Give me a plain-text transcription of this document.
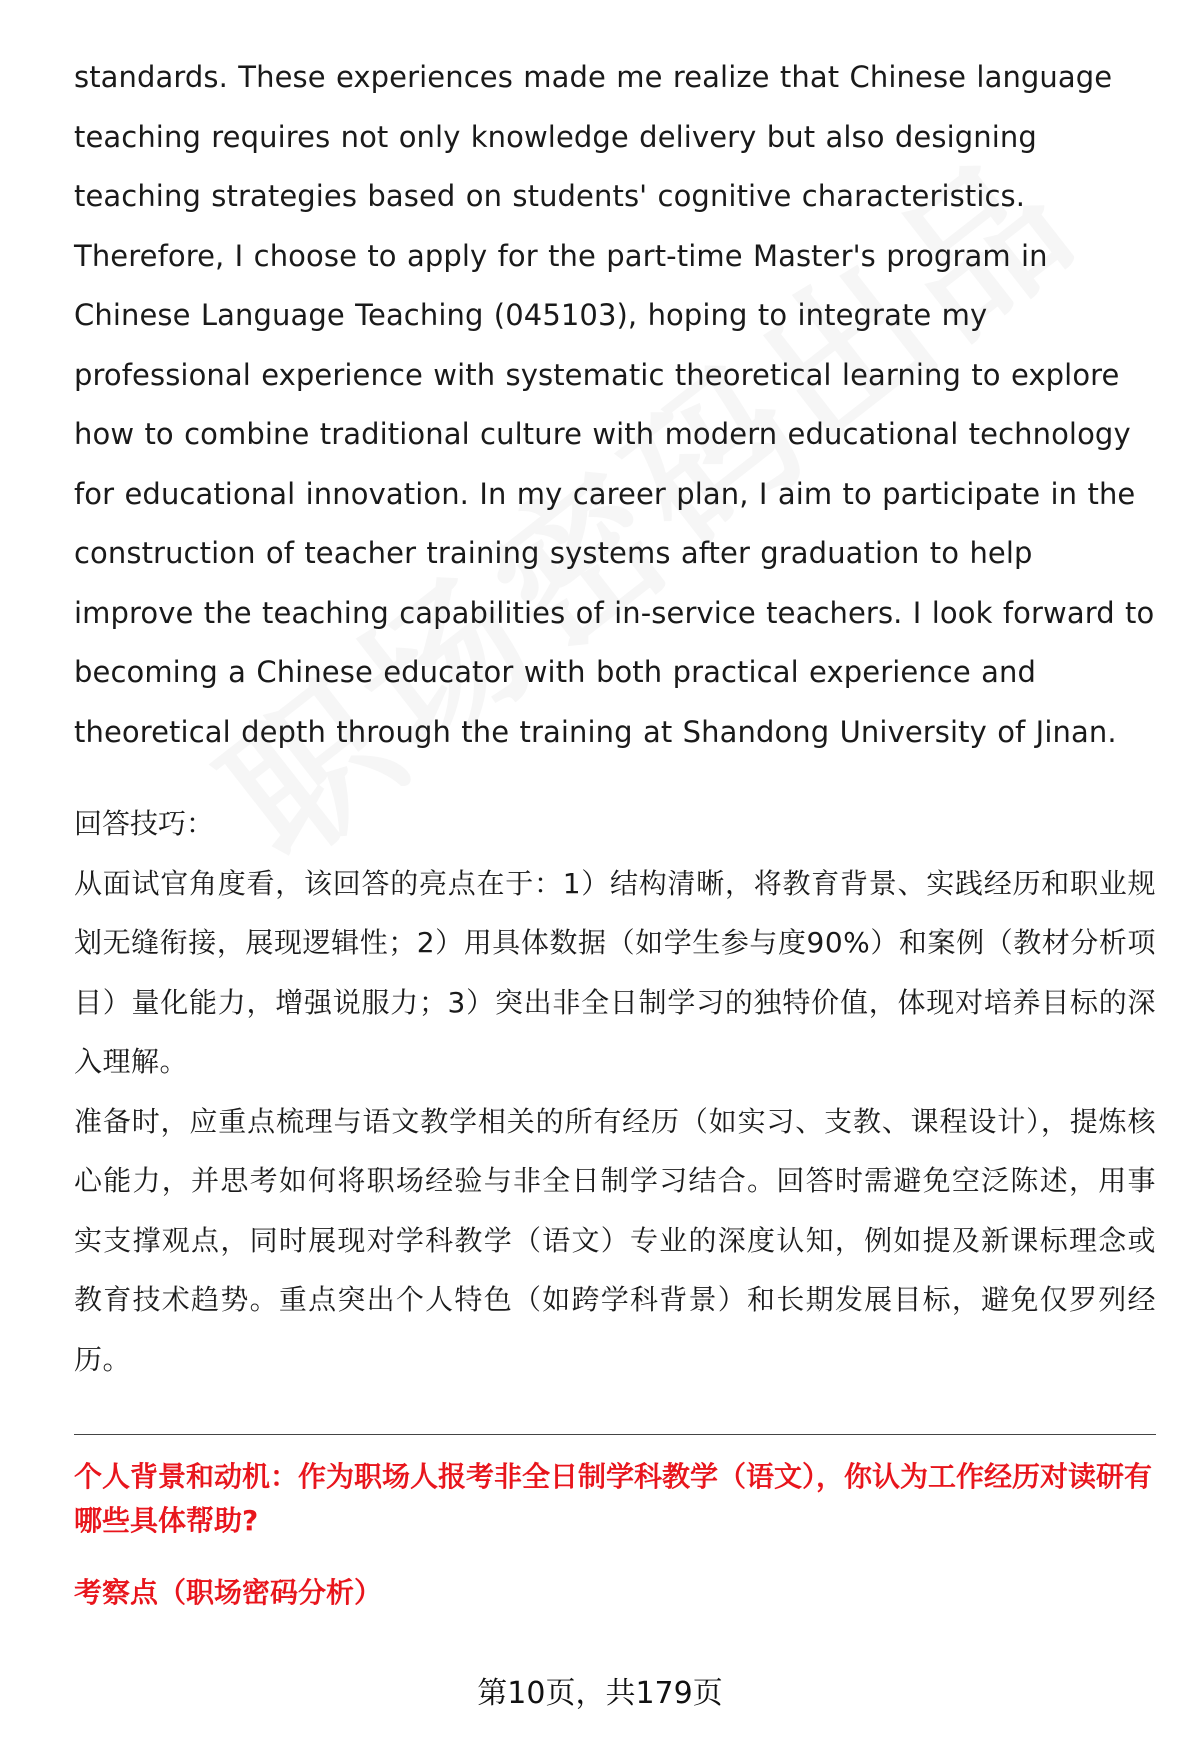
standards. These experiences made me realize that Chinese language teaching requires not only knowledge delivery but also designing teaching strategies based on students' cognitive characteristics. Therefore, I choose to apply for the part-time Master's program in Chinese Language Teaching (045103), hoping to integrate my professional experience with systematic theoretical learning to explore how to combine traditional culture with modern educational technology for educational innovation. In my career plan, I aim to participate in the construction of teacher training systems after graduation to help improve the teaching capabilities of in-service teachers. I look forward to becoming a Chinese educator with both practical experience and theoretical depth through the training at Shandong University of Jinan.

回答技巧：

从面试官角度看，该回答的亮点在于：1）结构清晰，将教育背景、实践经历和职业规划无缝衔接，展现逻辑性；2）用具体数据（如学生参与度90%）和案例（教材分析项目）量化能力，增强说服力；3）突出非全日制学习的独特价值，体现对培养目标的深入理解。

准备时，应重点梳理与语文教学相关的所有经历（如实习、支教、课程设计），提炼核心能力，并思考如何将职场经验与非全日制学习结合。回答时需避免空泛陈述，用事实支撑观点，同时展现对学科教学（语文）专业的深度认知，例如提及新课标理念或教育技术趋势。重点突出个人特色（如跨学科背景）和长期发展目标，避免仅罗列经历。

个人背景和动机：作为职场人报考非全日制学科教学（语文），你认为工作经历对读研有哪些具体帮助?

考察点（职场密码分析）

第10页，共179页
